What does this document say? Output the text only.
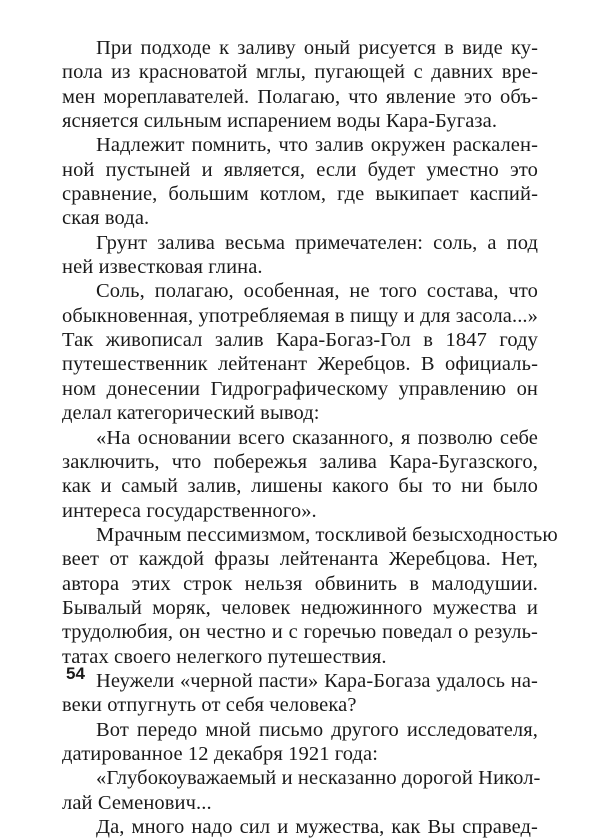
При подходе к заливу оный рисуется в виде ку-
пола из красноватой мглы, пугающей с давних вре-
мен мореплавателей. Полагаю, что явление это объ-
ясняется сильным испарением воды Кара-Бугаза.
Надлежит помнить, что залив окружен раскален-
ной пустыней и является, если будет уместно это
сравнение, большим котлом, где выкипает каспий-
ская вода.
Грунт залива весьма примечателен: соль, а под
ней известковая глина.
Соль, полагаю, особенная, не того состава, что
обыкновенная, употребляемая в пищу и для засола...»
Так живописал залив Кара-Богаз-Гол в 1847 году
путешественник лейтенант Жеребцов. В официаль-
ном донесении Гидрографическому управлению он
делал категорический вывод:
«На основании всего сказанного, я позволю себе
заключить, что побережья залива Кара-Бугазского,
как и самый залив, лишены какого бы то ни было
интереса государственного».
Мрачным пессимизмом, тоскливой безысходностью
веет от каждой фразы лейтенанта Жеребцова. Нет,
автора этих строк нельзя обвинить в малодушии.
Бывалый моряк, человек недюжинного мужества и
трудолюбия, он честно и с горечью поведал о резуль-
татах своего нелегкого путешествия.
Неужели «черной пасти» Кара-Богаза удалось на-
веки отпугнуть от себя человека?
Вот передо мной письмо другого исследователя,
датированное 12 декабря 1921 года:
«Глубокоуважаемый и несказанно дорогой Никол-
лай Семенович...
Да, много надо сил и мужества, как Вы справед-
54
